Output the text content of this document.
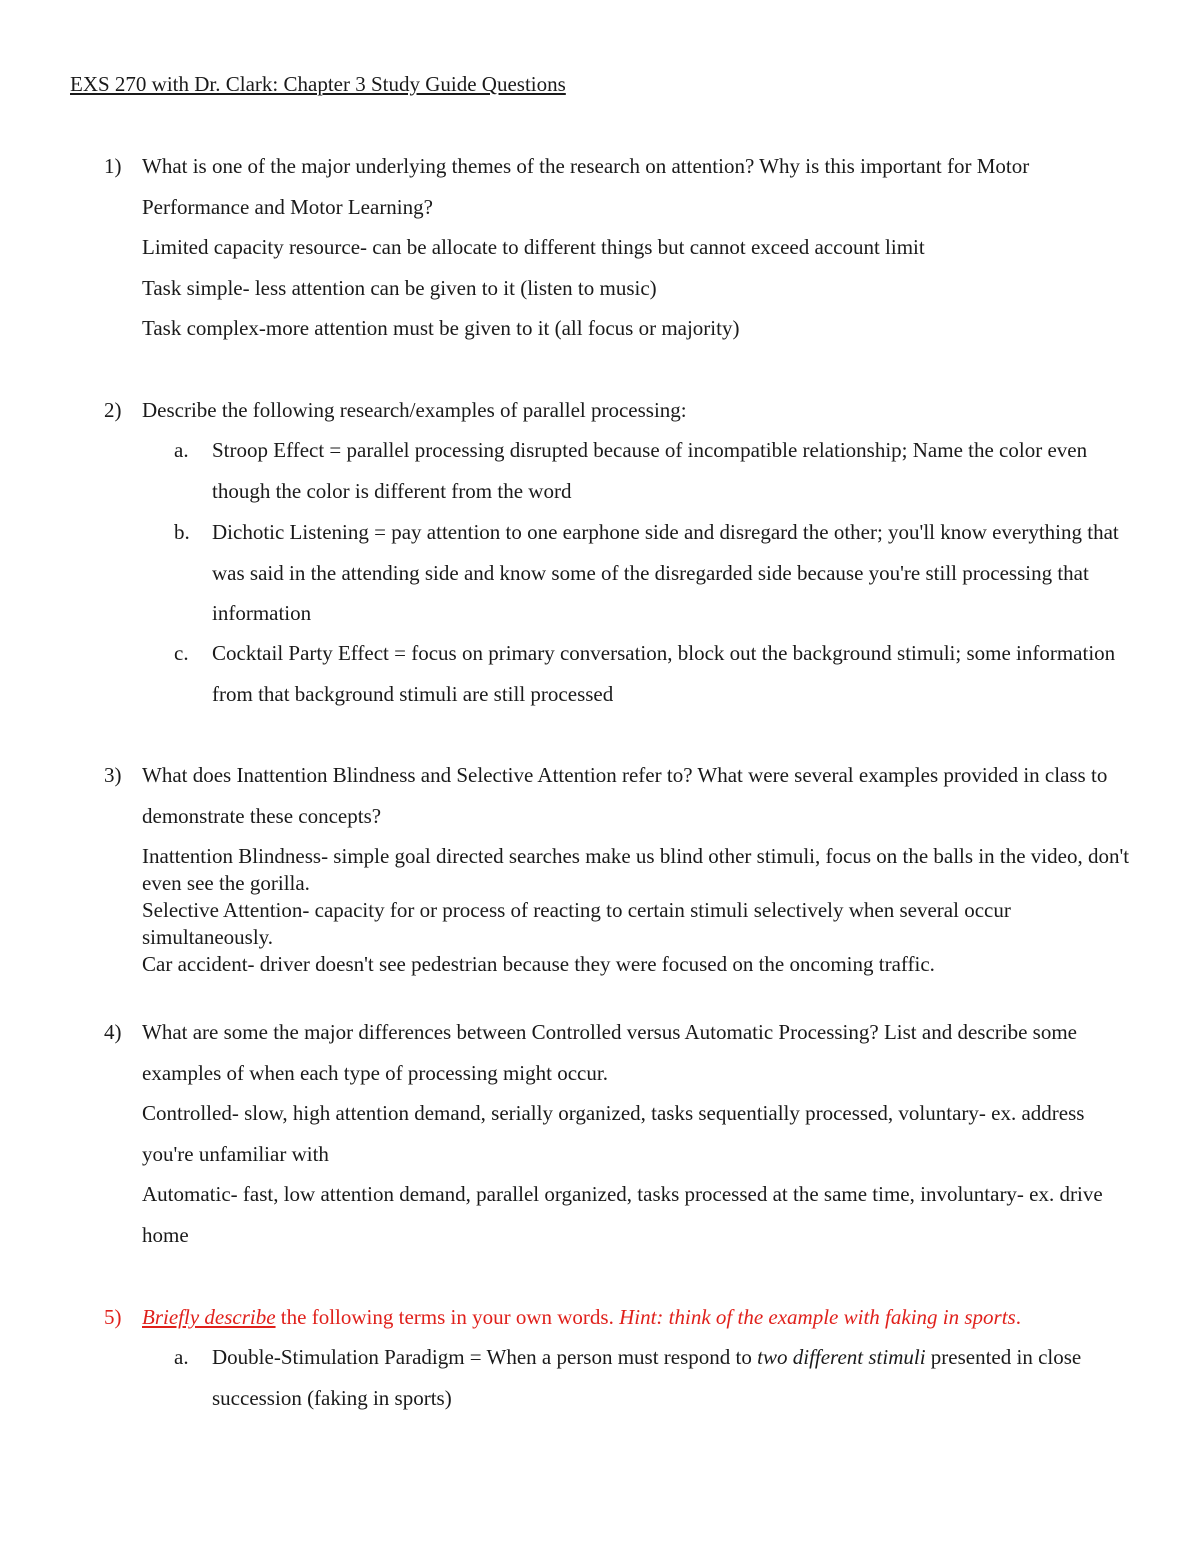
EXS 270 with Dr. Clark: Chapter 3 Study Guide Questions
1) What is one of the major underlying themes of the research on attention? Why is this important for Motor Performance and Motor Learning?
Limited capacity resource- can be allocate to different things but cannot exceed account limit
Task simple- less attention can be given to it (listen to music)
Task complex-more attention must be given to it (all focus or majority)
2) Describe the following research/examples of parallel processing:
a. Stroop Effect = parallel processing disrupted because of incompatible relationship; Name the color even though the color is different from the word
b. Dichotic Listening = pay attention to one earphone side and disregard the other; you'll know everything that was said in the attending side and know some of the disregarded side because you're still processing that information
c. Cocktail Party Effect = focus on primary conversation, block out the background stimuli; some information from that background stimuli are still processed
3) What does Inattention Blindness and Selective Attention refer to? What were several examples provided in class to demonstrate these concepts?
Inattention Blindness- simple goal directed searches make us blind other stimuli, focus on the balls in the video, don't even see the gorilla.
Selective Attention- capacity for or process of reacting to certain stimuli selectively when several occur simultaneously.
Car accident- driver doesn't see pedestrian because they were focused on the oncoming traffic.
4) What are some the major differences between Controlled versus Automatic Processing? List and describe some examples of when each type of processing might occur.
Controlled- slow, high attention demand, serially organized, tasks sequentially processed, voluntary- ex. address you're unfamiliar with
Automatic- fast, low attention demand, parallel organized, tasks processed at the same time, involuntary- ex. drive home
5) Briefly describe the following terms in your own words. Hint: think of the example with faking in sports.
a. Double-Stimulation Paradigm = When a person must respond to two different stimuli presented in close succession (faking in sports)
